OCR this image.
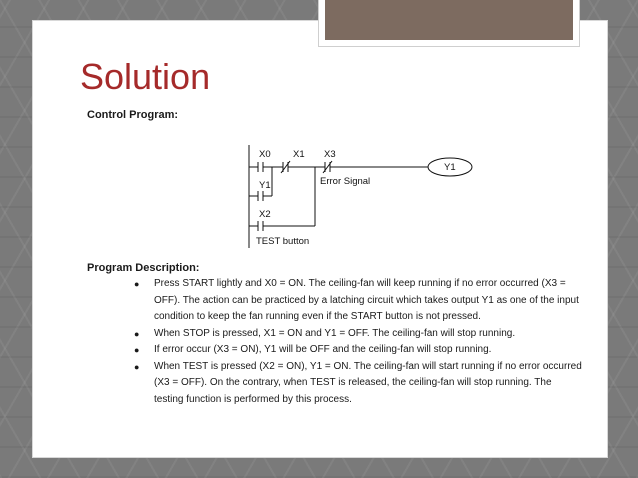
Solution

Control Program:

X0 X1 X3
Y1
X2
Y1
Error Signal
TEST button

Program Description:

● Press START lightly and X0 = ON. The ceiling-fan will keep running if no error occurred (X3 = OFF). The action can be practiced by a latching circuit which takes output Y1 as one of the input condition to keep the fan running even if the START button is not pressed.
● When STOP is pressed, X1 = ON and Y1 = OFF. The ceiling-fan will stop running.
● If error occur (X3 = ON), Y1 will be OFF and the ceiling-fan will stop running.
● When TEST is pressed (X2 = ON), Y1 = ON. The ceiling-fan will start running if no error occurred (X3 = OFF). On the contrary, when TEST is released, the ceiling-fan will stop running. The testing function is performed by this process.
